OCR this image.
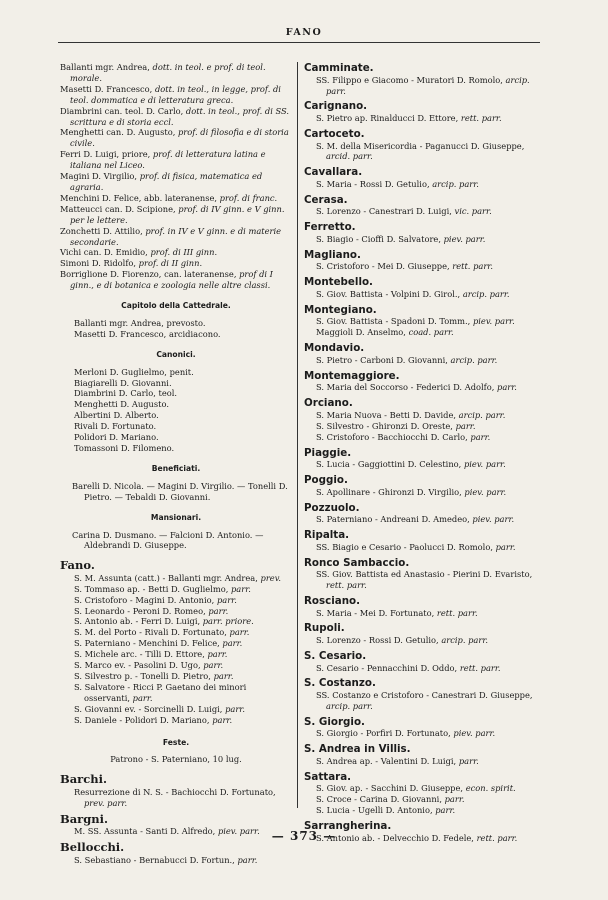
FANO

Ballanti mgr. Andrea, dott. in teol. e prof. di teol. morale.

Masetti D. Francesco, dott. in teol., in legge, prof. di teol. dommatica e di letteratura greca.

Diambrini can. teol. D. Carlo, dott. in teol., prof. di SS. scrittura e di storia eccl.

Menghetti can. D. Augusto, prof. di filosofia e di storia civile.

Ferri D. Luigi, priore, prof. di letteratura latina e italiana nel Liceo.

Magini D. Virgilio, prof. di fisica, matematica ed agraria.

Menchini D. Felice, abb. lateranense, prof. di franc.

Matteucci can. D. Scipione, prof. di IV ginn. e V ginn. per le lettere.

Zonchetti D. Attilio, prof. in IV e V ginn. e di materie secondarie.

Vichi can. D. Emidio, prof. di III ginn.

Simoni D. Ridolfo, prof. di II ginn.

Borriglione D. Fiorenzo, can. lateranense, prof di I ginn., e di botanica e zoologia nelle altre classi.

Capitolo della Cattedrale.

Ballanti mgr. Andrea, prevosto.

Masetti D. Francesco, arcidiacono.

Canonici.

Merloni D. Guglielmo, penit.

Biagiarelli D. Giovanni.

Diambrini D. Carlo, teol.

Menghetti D. Augusto.

Albertini D. Alberto.

Rivali D. Fortunato.

Polidori D. Mariano.

Tomassoni D. Filomeno.

Beneficiati.

Barelli D. Nicola. — Magini D. Virgilio. — Tonelli D. Pietro. — Tebaldi D. Giovanni.

Mansionari.

Carina D. Dusmano. — Falcioni D. Antonio. — Aldebrandi D. Giuseppe.

Fano.

S. M. Assunta (catt.) - Ballanti mgr. Andrea, prev.

S. Tommaso ap. - Betti D. Guglielmo, parr.

S. Cristoforo - Magini D. Antonio, parr.

S. Leonardo - Peroni D. Romeo, parr.

S. Antonio ab. - Ferri D. Luigi, parr. priore.

S. M. del Porto - Rivali D. Fortunato, parr.

S. Paterniano - Menchini D. Felice, parr.

S. Michele arc. - Tilli D. Ettore, parr.

S. Marco ev. - Pasolini D. Ugo, parr.

S. Silvestro p. - Tonelli D. Pietro, parr.

S. Salvatore - Ricci P. Gaetano dei minori osservanti, parr.

S. Giovanni ev. - Sorcinelli D. Luigi, parr.

S. Daniele - Polidori D. Mariano, parr.

Feste.
Patrono - S. Paterniano, 10 lug.
Barchi.

Resurrezione di N. S. - Bachiocchi D. Fortunato, prev. parr.

Bargni.

M. SS. Assunta - Santi D. Alfredo, piev. parr.

Bellocchi.

S. Sebastiano - Bernabucci D. Fortun., parr.

Camminate.

SS. Filippo e Giacomo - Muratori D. Romolo, arcip. parr.

Carignano.

S. Pietro ap. Rinalducci D. Ettore, rett. parr.

Cartoceto.

S. M. della Misericordia - Paganucci D. Giuseppe, arcid. parr.

Cavallara.

S. Maria - Rossi D. Getulio, arcip. parr.

Cerasa.

S. Lorenzo - Canestrari D. Luigi, vic. parr.

Ferretto.

S. Biagio - Cioffi D. Salvatore, piev. parr.

Magliano.

S. Cristoforo - Mei D. Giuseppe, rett. parr.

Montebello.

S. Giov. Battista - Volpini D. Girol., arcip. parr.

Montegiano.

S. Giov. Battista - Spadoni D. Tomm., piev. parr.

Maggioli D. Anselmo, coad. parr.

Mondavio.

S. Pietro - Carboni D. Giovanni, arcip. parr.

Montemaggiore.

S. Maria del Soccorso - Federici D. Adolfo, parr.

Orciano.

S. Maria Nuova - Betti D. Davide, arcip. parr.

S. Silvestro - Ghironzi D. Oreste, parr.

S. Cristoforo - Bacchiocchi D. Carlo, parr.

Piaggie.

S. Lucia - Gaggiottini D. Celestino, piev. parr.

Poggio.

S. Apollinare - Ghironzi D. Virgilio, piev. parr.

Pozzuolo.

S. Paterniano - Andreani D. Amedeo, piev. parr.

Ripalta.

SS. Biagio e Cesario - Paolucci D. Romolo, parr.

Ronco Sambaccio.

SS. Giov. Battista ed Anastasio - Pierini D. Evaristo, rett. parr.

Rosciano.

S. Maria - Mei D. Fortunato, rett. parr.

Rupoli.

S. Lorenzo - Rossi D. Getulio, arcip. parr.

S. Cesario.

S. Cesario - Pennacchini D. Oddo, rett. parr.

S. Costanzo.

SS. Costanzo e Cristoforo - Canestrari D. Giuseppe, arcip. parr.

S. Giorgio.

S. Giorgio - Porfiri D. Fortunato, piev. parr.

S. Andrea in Villis.

S. Andrea ap. - Valentini D. Luigi, parr.

Sattara.

S. Giov. ap. - Sacchini D. Giuseppe, econ. spirit.

S. Croce - Carina D. Giovanni, parr.

S. Lucia - Ugelli D. Antonio, parr.

Sarrangherina.

S. Antonio ab. - Delvecchio D. Fedele, rett. parr.

— 373 —
